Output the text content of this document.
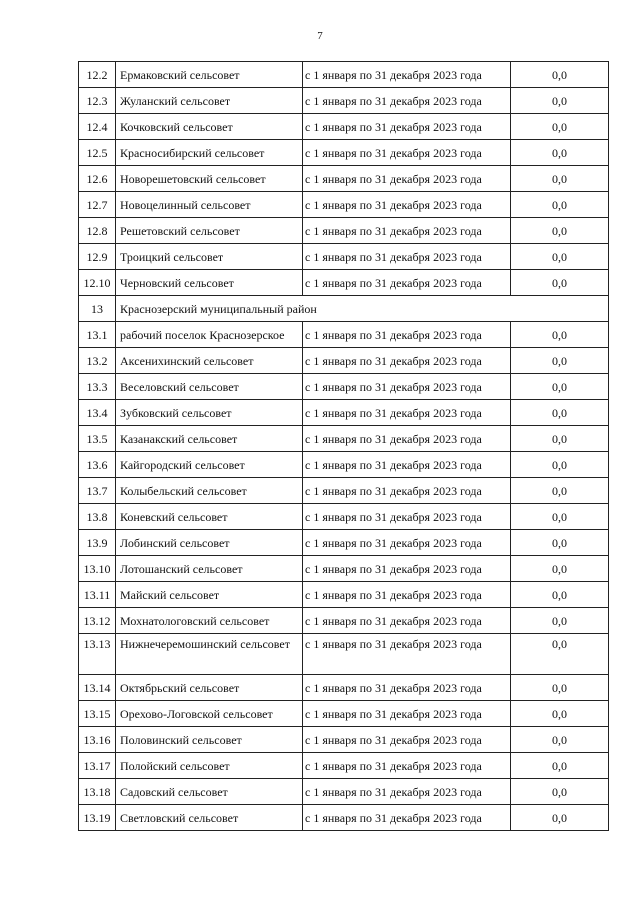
7
12.2	Ермаковский сельсовет	с 1 января по 31 декабря 2023 года	0,0
12.3	Жуланский сельсовет	с 1 января по 31 декабря 2023 года	0,0
12.4	Кочковский сельсовет	с 1 января по 31 декабря 2023 года	0,0
12.5	Красносибирский сельсовет	с 1 января по 31 декабря 2023 года	0,0
12.6	Новорешетовский сельсовет	с 1 января по 31 декабря 2023 года	0,0
12.7	Новоцелинный сельсовет	с 1 января по 31 декабря 2023 года	0,0
12.8	Решетовский сельсовет	с 1 января по 31 декабря 2023 года	0,0
12.9	Троицкий сельсовет	с 1 января по 31 декабря 2023 года	0,0
12.10	Черновский сельсовет	с 1 января по 31 декабря 2023 года	0,0
13	Краснозерский муниципальный район		
13.1	рабочий поселок Краснозерское	с 1 января по 31 декабря 2023 года	0,0
13.2	Аксенихинский сельсовет	с 1 января по 31 декабря 2023 года	0,0
13.3	Веселовский сельсовет	с 1 января по 31 декабря 2023 года	0,0
13.4	Зубковский сельсовет	с 1 января по 31 декабря 2023 года	0,0
13.5	Казанакский сельсовет	с 1 января по 31 декабря 2023 года	0,0
13.6	Кайгородский сельсовет	с 1 января по 31 декабря 2023 года	0,0
13.7	Колыбельский сельсовет	с 1 января по 31 декабря 2023 года	0,0
13.8	Коневский сельсовет	с 1 января по 31 декабря 2023 года	0,0
13.9	Лобинский сельсовет	с 1 января по 31 декабря 2023 года	0,0
13.10	Лотошанский сельсовет	с 1 января по 31 декабря 2023 года	0,0
13.11	Майский сельсовет	с 1 января по 31 декабря 2023 года	0,0
13.12	Мохнатологовский сельсовет	с 1 января по 31 декабря 2023 года	0,0
13.13	Нижнечеремошинский сельсовет	с 1 января по 31 декабря 2023 года	0,0
13.14	Октябрьский сельсовет	с 1 января по 31 декабря 2023 года	0,0
13.15	Орехово-Логовской сельсовет	с 1 января по 31 декабря 2023 года	0,0
13.16	Половинский сельсовет	с 1 января по 31 декабря 2023 года	0,0
13.17	Полойский сельсовет	с 1 января по 31 декабря 2023 года	0,0
13.18	Садовский сельсовет	с 1 января по 31 декабря 2023 года	0,0
13.19	Светловский сельсовет	с 1 января по 31 декабря 2023 года	0,0
